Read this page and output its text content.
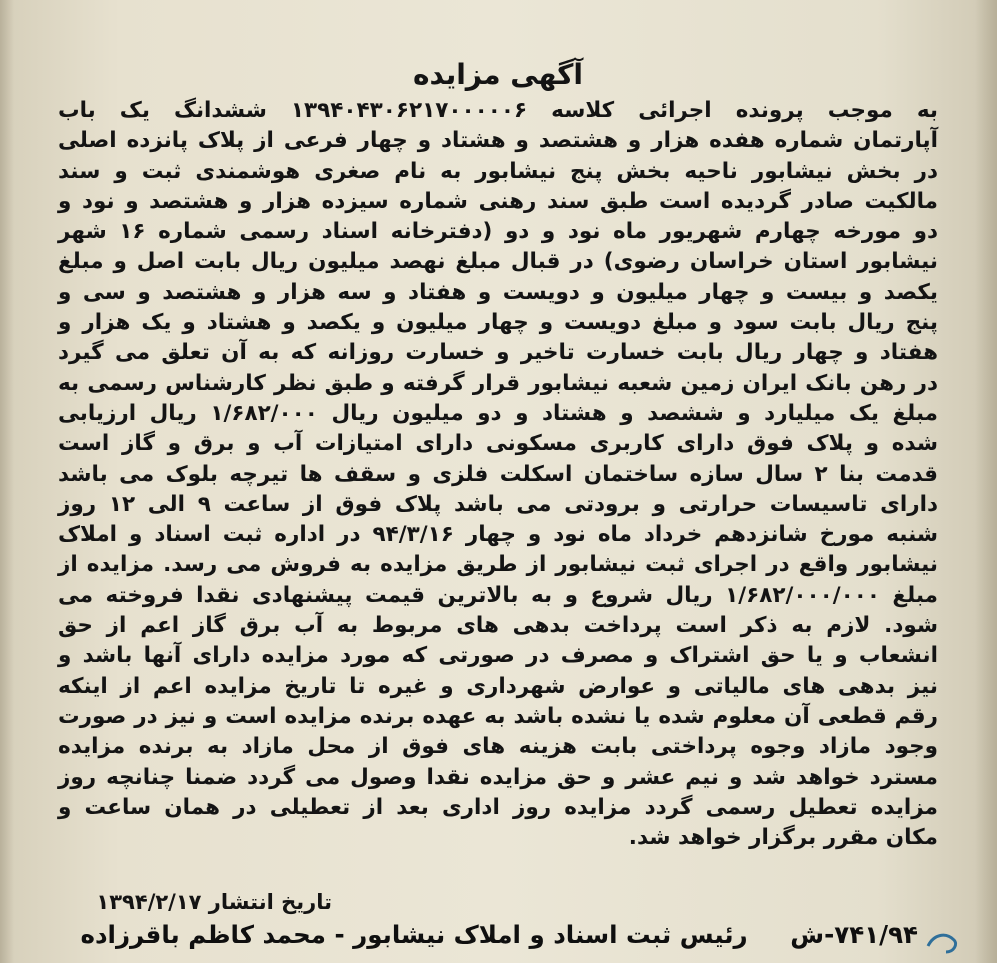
آگهی مزایده
به موجب پرونده اجرائی کلاسه ۱۳۹۴۰۴۳۰۶۲۱۷۰۰۰۰۰۶ ششدانگ یک باب
آپارتمان شماره هفده هزار و هشتصد و هشتاد و چهار فرعی از پلاک پانزده اصلی
در بخش نیشابور ناحیه بخش پنج نیشابور به نام صغری هوشمندی ثبت و سند
مالکیت صادر گردیده است طبق سند رهنی شماره سیزده هزار و هشتصد و نود و
دو مورخه چهارم شهریور ماه نود و دو (دفترخانه اسناد رسمی شماره ۱۶ شهر
نیشابور استان خراسان رضوی) در قبال مبلغ نهصد میلیون ریال بابت اصل و مبلغ
یکصد و بیست و چهار میلیون و دویست و هفتاد و سه هزار و هشتصد و سی و
پنج ریال بابت سود و مبلغ دویست و چهار میلیون و یکصد و هشتاد و یک هزار و
هفتاد و چهار ریال بابت خسارت تاخیر و خسارت روزانه که به آن تعلق می گیرد
در رهن بانک ایران زمین شعبه نیشابور قرار گرفته و طبق نظر کارشناس رسمی به
مبلغ یک میلیارد و ششصد و هشتاد و دو میلیون ریال ۱/۶۸۲/۰۰۰ ریال ارزیابی
شده و پلاک فوق دارای کاربری مسکونی دارای امتیازات آب و برق و گاز است
قدمت بنا ۲ سال سازه ساختمان اسکلت فلزی و سقف ها تیرچه بلوک می باشد
دارای تاسیسات حرارتی و برودتی می باشد پلاک فوق از ساعت ۹ الی ۱۲ روز
شنبه مورخ شانزدهم خرداد ماه نود و چهار ۹۴/۳/۱۶ در اداره ثبت اسناد و املاک
نیشابور واقع در اجرای ثبت نیشابور از طریق مزایده به فروش می رسد. مزایده از
مبلغ ۱/۶۸۲/۰۰۰/۰۰۰ ریال شروع و به بالاترین قیمت پیشنهادی نقدا فروخته می
شود. لازم به ذکر است پرداخت بدهی های مربوط به آب برق گاز اعم از حق
انشعاب و یا حق اشتراک و مصرف در صورتی که مورد مزایده دارای آنها باشد و
نیز بدهی های مالیاتی و عوارض شهرداری و غیره تا تاریخ مزایده اعم از اینکه
رقم قطعی آن معلوم شده یا نشده باشد به عهده برنده مزایده است و نیز در صورت
وجود مازاد وجوه پرداختی بابت هزینه های فوق از محل مازاد به برنده مزایده
مسترد خواهد شد و نیم عشر و حق مزایده نقدا وصول می گردد ضمنا چنانچه روز
مزایده تعطیل رسمی گردد مزایده روز اداری بعد از تعطیلی در همان ساعت و
مکان مقرر برگزار خواهد شد.
تاریخ انتشار ۱۳۹۴/۲/۱۷
۷۴۱/۹۴-ش     رئیس ثبت اسناد و املاک نیشابور - محمد کاظم باقرزاده
